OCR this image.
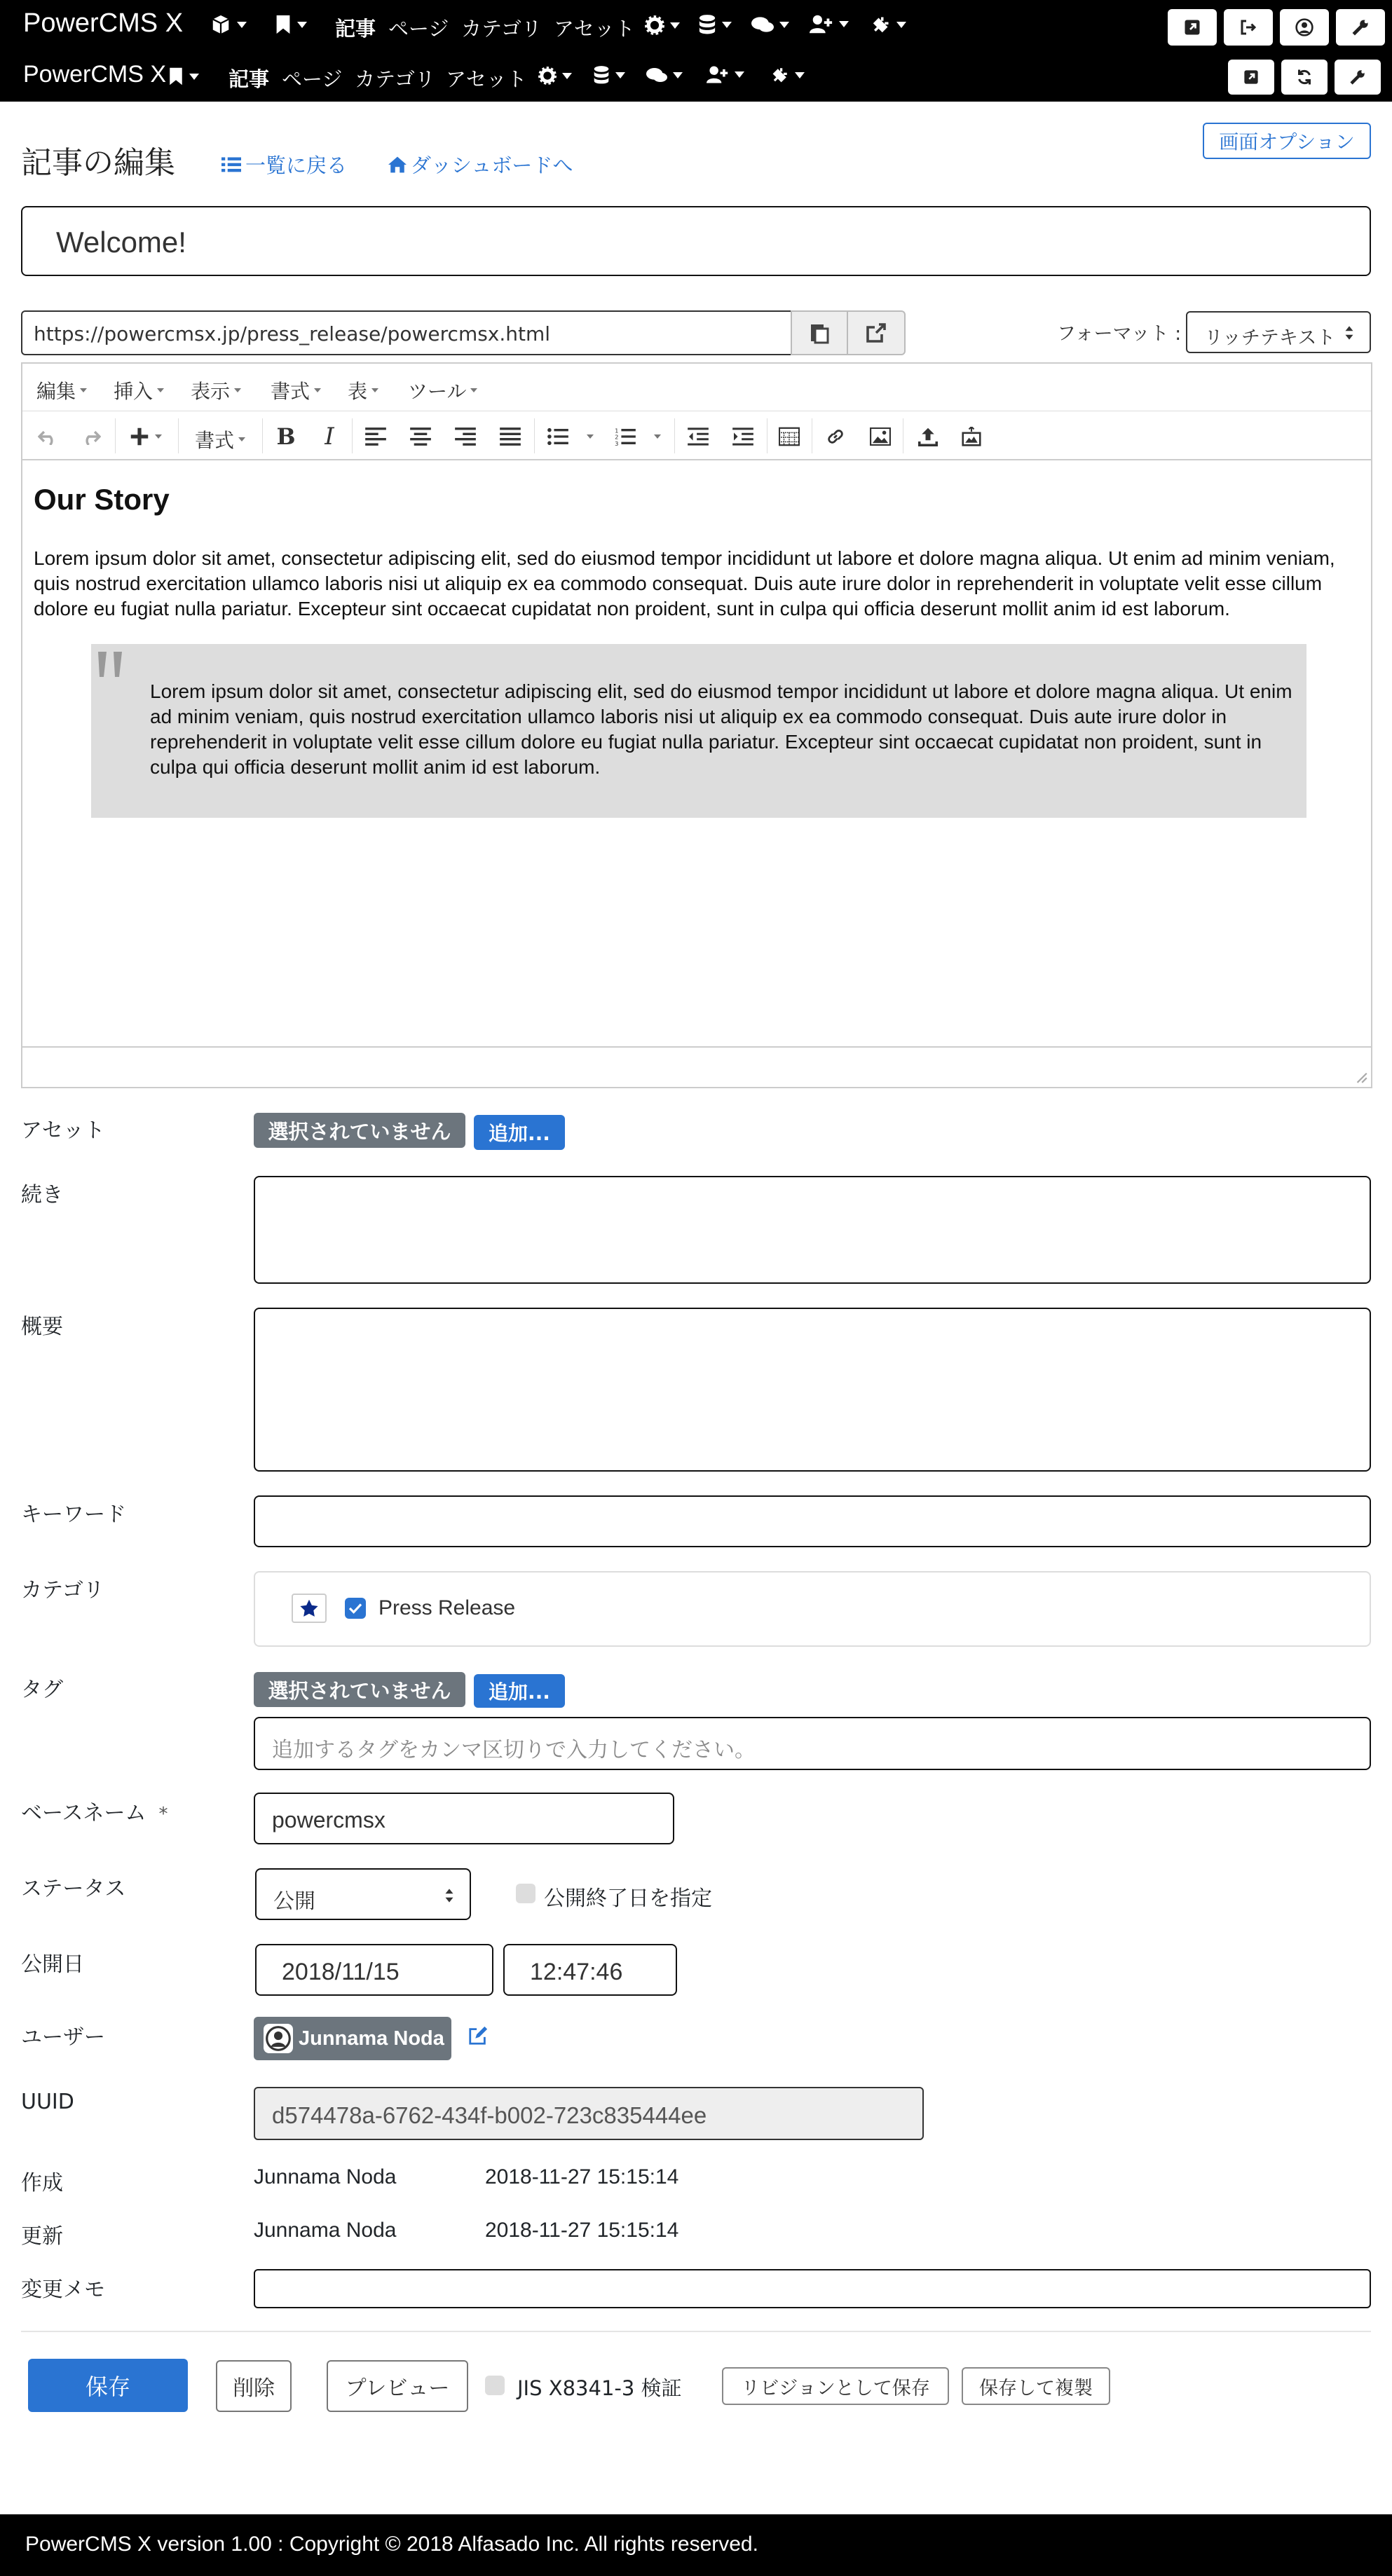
PowerCMS X	記事 ページ カテゴリ アセット
PowerCMS X	記事 ページ カテゴリ アセット
記事の編集	一覧に戻る	ダッシュボードへ
画面オプション
Welcome!
https://powercmsx.jp/press_release/powercmsx.html	フォーマット : リッチテキスト
編集 挿入 表示 書式 表 ツール
書式 B	I	1
2
3
Our Story
Lorem ipsum dolor sit amet, consectetur adipiscing elit, sed do eiusmod tempor incididunt ut labore et dolore magna aliqua. Ut enim ad minim veniam, quis nostrud exercitation ullamco laboris nisi ut aliquip ex ea commodo consequat. Duis aute irure dolor in reprehenderit in voluptate velit esse cillum dolore eu fugiat nulla pariatur. Excepteur sint occaecat cupidatat non proident, sunt in culpa qui officia deserunt mollit anim id est laborum.
Lorem ipsum dolor sit amet, consectetur adipiscing elit, sed do eiusmod tempor incididunt ut labore et dolore magna aliqua. Ut enim ad minim veniam, quis nostrud exercitation ullamco laboris nisi ut aliquip ex ea commodo consequat. Duis aute irure dolor in reprehenderit in voluptate velit esse cillum dolore eu fugiat nulla pariatur. Excepteur sint occaecat cupidatat non proident, sunt in culpa qui officia deserunt mollit anim id est laborum.
アセット	選択されていません	追加...
続き
概要
キーワード
カテゴリ
Press Release
タグ	選択されていません	追加...
追加するタグをカンマ区切りで入力してください。
ベースネーム *	powercmsx
ステータス
公開	公開終了日を指定
公開日	2018/11/15	12:47:46
ユーザー	Junnama Noda
UUID
d574478a-6762-434f-b002-723c835444ee
作成	Junnama Noda	2018-11-27 15:15:14
更新	Junnama Noda	2018-11-27 15:15:14
変更メモ
保存	削除	プレビュー	JIS X8341-3 検証	リビジョンとして保存	保存して複製
PowerCMS X version 1.00 : Copyright © 2018 Alfasado Inc. All rights reserved.
